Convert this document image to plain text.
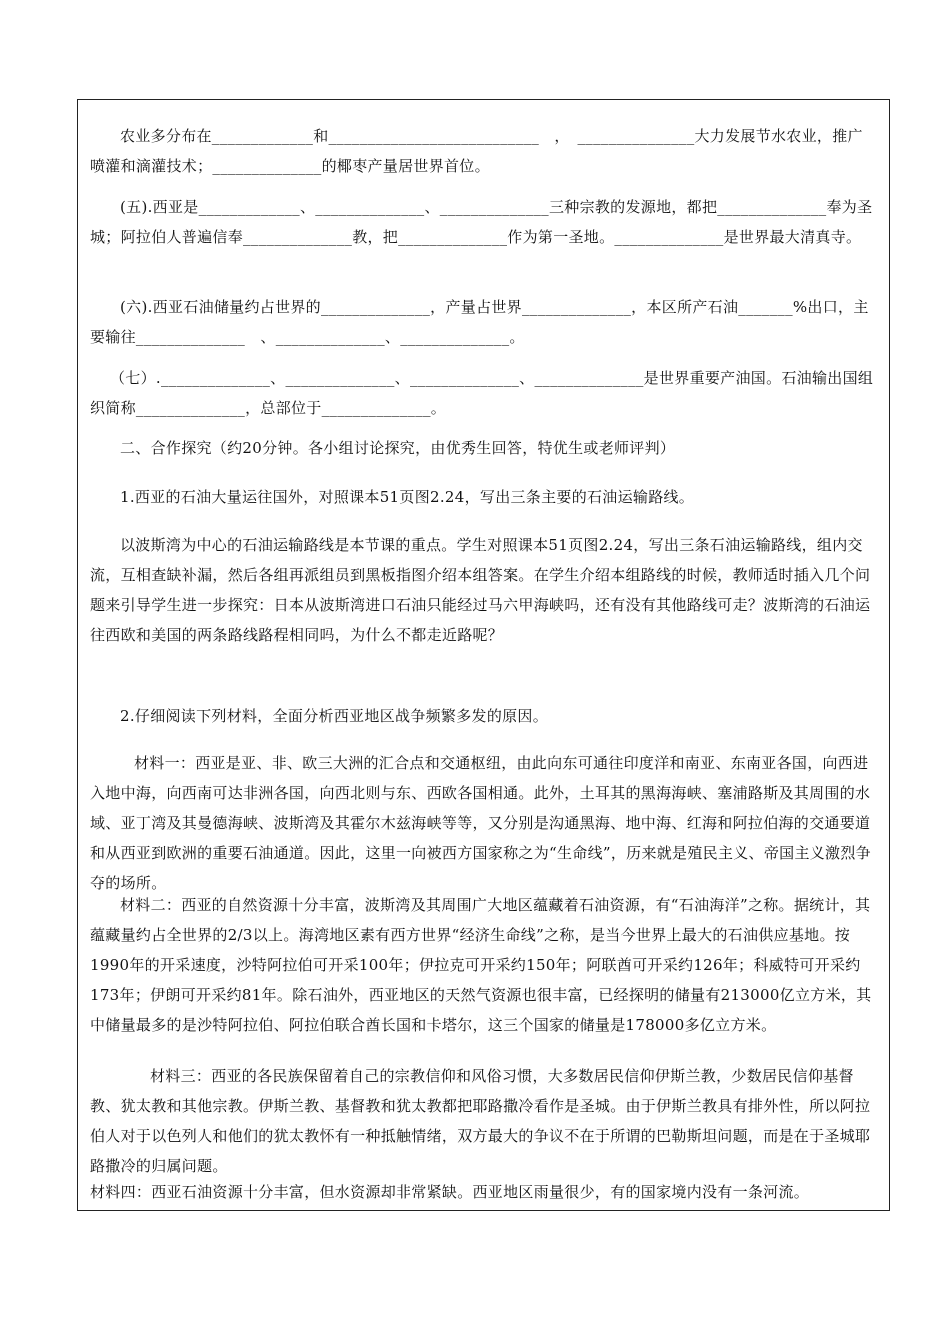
农业多分布在_____________和___________________________　，　_______________大力发展节水农业，推广喷灌和滴灌技术；______________的椰枣产量居世界首位。

(五).西亚是_____________、______________、______________三种宗教的发源地，都把______________奉为圣城；阿拉伯人普遍信奉______________教，把______________作为第一圣地。______________是世界最大清真寺。

(六).西亚石油储量约占世界的______________，产量占世界______________，本区所产石油_______%出口，主要输往______________　、______________、______________。

（七）.______________、______________、______________、______________是世界重要产油国。石油输出国组织简称______________，总部位于______________。

二、合作探究（约20分钟。各小组讨论探究，由优秀生回答，特优生或老师评判）

1.西亚的石油大量运往国外，对照课本51页图2.24，写出三条主要的石油运输路线。

以波斯湾为中心的石油运输路线是本节课的重点。学生对照课本51页图2.24，写出三条石油运输路线，组内交流，互相查缺补漏，然后各组再派组员到黑板指图介绍本组答案。在学生介绍本组路线的时候，教师适时插入几个问题来引导学生进一步探究：日本从波斯湾进口石油只能经过马六甲海峡吗，还有没有其他路线可走？波斯湾的石油运往西欧和美国的两条路线路程相同吗，为什么不都走近路呢？

2.仔细阅读下列材料，全面分析西亚地区战争频繁多发的原因。

材料一：西亚是亚、非、欧三大洲的汇合点和交通枢纽，由此向东可通往印度洋和南亚、东南亚各国，向西进入地中海，向西南可达非洲各国，向西北则与东、西欧各国相通。此外，土耳其的黑海海峡、塞浦路斯及其周围的水域、亚丁湾及其曼德海峡、波斯湾及其霍尔木兹海峡等等，又分别是沟通黑海、地中海、红海和阿拉伯海的交通要道和从西亚到欧洲的重要石油通道。因此，这里一向被西方国家称之为“生命线”，历来就是殖民主义、帝国主义激烈争夺的场所。

材料二：西亚的自然资源十分丰富，波斯湾及其周围广大地区蕴藏着石油资源，有“石油海洋”之称。据统计，其蕴藏量约占全世界的2/3以上。海湾地区素有西方世界“经济生命线”之称，是当今世界上最大的石油供应基地。按1990年的开采速度，沙特阿拉伯可开采100年；伊拉克可开采约150年；阿联酋可开采约126年；科威特可开采约173年；伊朗可开采约81年。除石油外，西亚地区的天然气资源也很丰富，已经探明的储量有213000亿立方米，其中储量最多的是沙特阿拉伯、阿拉伯联合酋长国和卡塔尔，这三个国家的储量是178000多亿立方米。

材料三：西亚的各民族保留着自己的宗教信仰和风俗习惯，大多数居民信仰伊斯兰教，少数居民信仰基督教、犹太教和其他宗教。伊斯兰教、基督教和犹太教都把耶路撒冷看作是圣城。由于伊斯兰教具有排外性，所以阿拉伯人对于以色列人和他们的犹太教怀有一种抵触情绪，双方最大的争议不在于所谓的巴勒斯坦问题，而是在于圣城耶路撒冷的归属问题。

材料四：西亚石油资源十分丰富，但水资源却非常紧缺。西亚地区雨量很少，有的国家境内没有一条河流。
